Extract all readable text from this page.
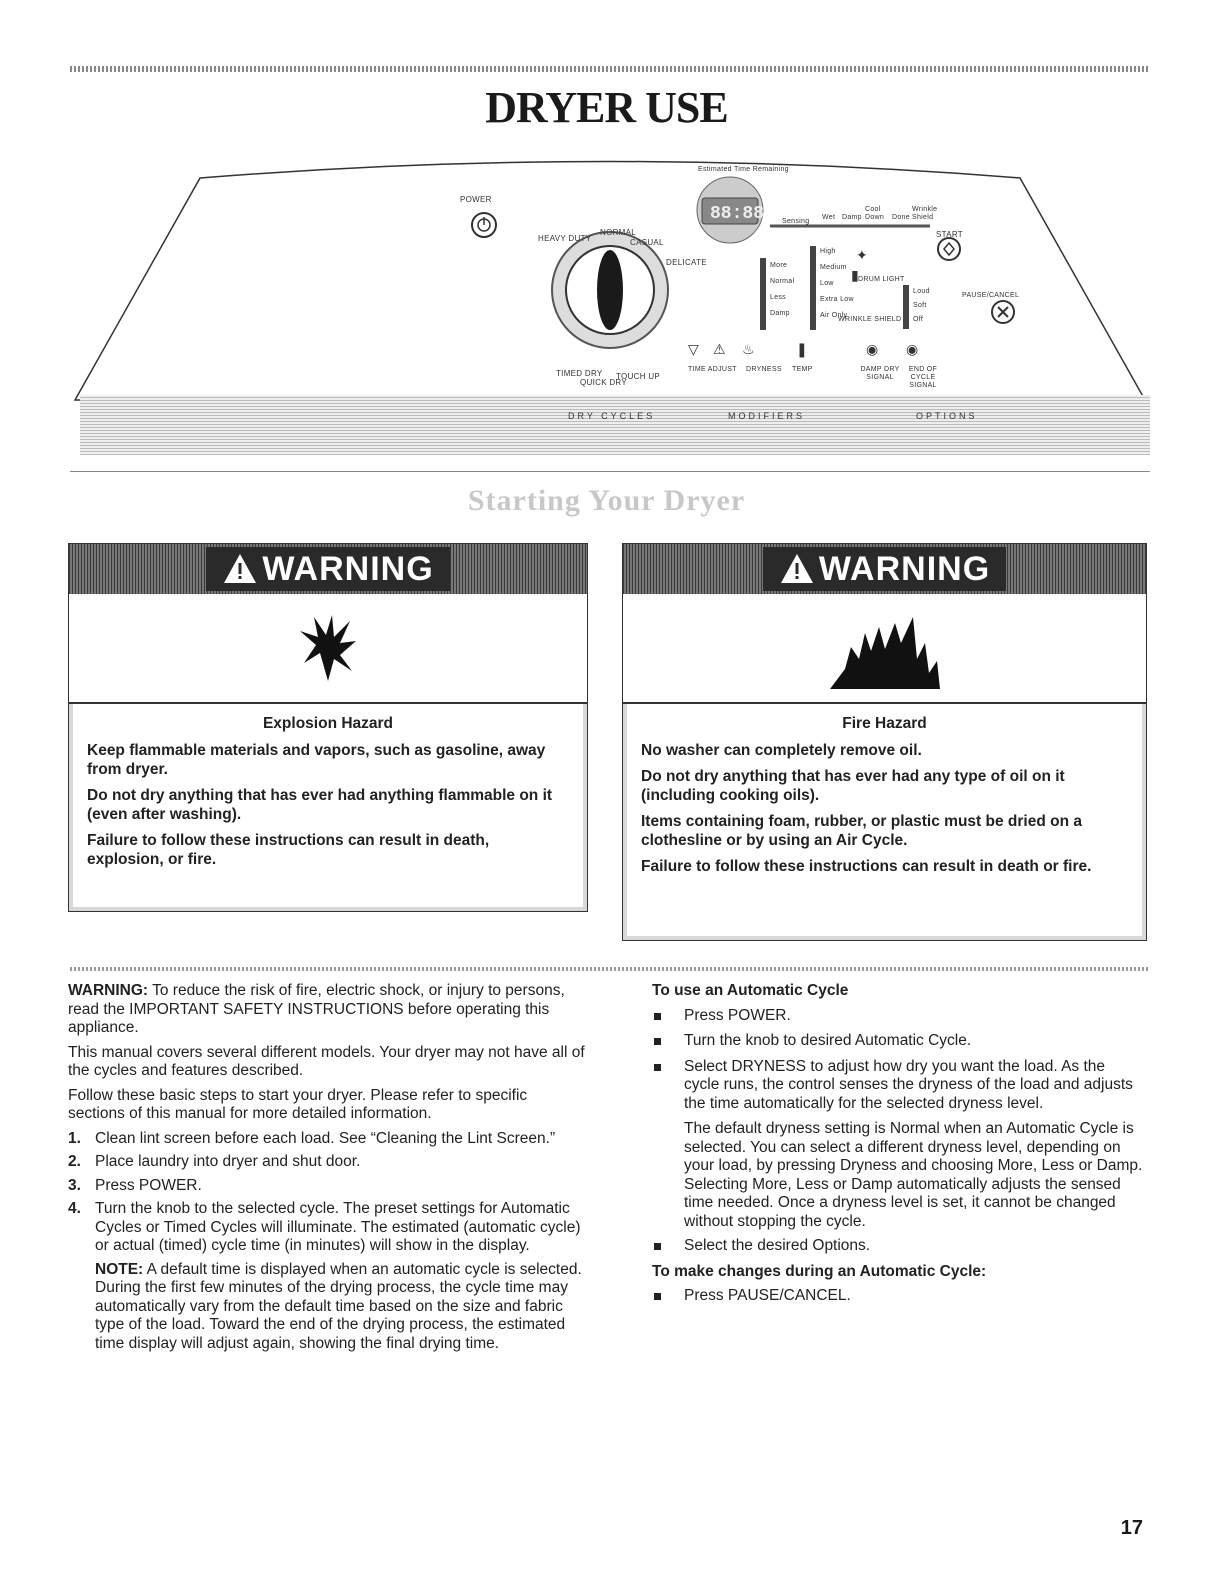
DRYER USE
88:88
▽ ⚠ ♨	❚	◉ ◉
▮
✦
POWER
HEAVY DUTY
NORMAL
CASUAL
DELICATE
TIMED DRY
QUICK DRY
TOUCH UP
Estimated Time Remaining
Sensing
Wet Damp
Cool Down	Done
Wrinkle Shield
START
PAUSE/CANCEL
More
Normal
Less
Damp
High
Medium
Low
Extra Low
Air Only
DRUM LIGHT
WRINKLE SHIELD
Loud
Soft
Off
TIME ADJUST DRYNESS TEMP	DAMP DRY SIGNAL
END OF CYCLE SIGNAL
DRY CYCLES	MODIFIERS	OPTIONS
Starting Your Dryer
WARNING

Explosion Hazard

Keep flammable materials and vapors, such as gasoline, away from dryer.

Do not dry anything that has ever had anything flammable on it (even after washing).

Failure to follow these instructions can result in death, explosion, or fire.

WARNING

Fire Hazard

No washer can completely remove oil.

Do not dry anything that has ever had any type of oil on it (including cooking oils).

Items containing foam, rubber, or plastic must be dried on a clothesline or by using an Air Cycle.

Failure to follow these instructions can result in death or fire.

WARNING: To reduce the risk of fire, electric shock, or injury to persons, read the IMPORTANT SAFETY INSTRUCTIONS before operating this appliance.

This manual covers several different models. Your dryer may not have all of the cycles and features described.

Follow these basic steps to start your dryer. Please refer to specific sections of this manual for more detailed information.

1. Clean lint screen before each load. See “Cleaning the Lint Screen.”
2. Place laundry into dryer and shut door.
3. Press POWER.
4. Turn the knob to the selected cycle. The preset settings for Automatic Cycles or Timed Cycles will illuminate. The estimated (automatic cycle) or actual (timed) cycle time (in minutes) will show in the display.

NOTE: A default time is displayed when an automatic cycle is selected. During the first few minutes of the drying process, the cycle time may automatically vary from the default time based on the size and fabric type of the load. Toward the end of the drying process, the estimated time display will adjust again, showing the final drying time.

To use an Automatic Cycle

Press POWER.
Turn the knob to desired Automatic Cycle.
Select DRYNESS to adjust how dry you want the load. As the cycle runs, the control senses the dryness of the load and adjusts the time automatically for the selected dryness level.

The default dryness setting is Normal when an Automatic Cycle is selected. You can select a different dryness level, depending on your load, by pressing Dryness and choosing More, Less or Damp. Selecting More, Less or Damp automatically adjusts the sensed time needed. Once a dryness level is set, it cannot be changed without stopping the cycle.

Select the desired Options.

To make changes during an Automatic Cycle:

Press PAUSE/CANCEL.
17
